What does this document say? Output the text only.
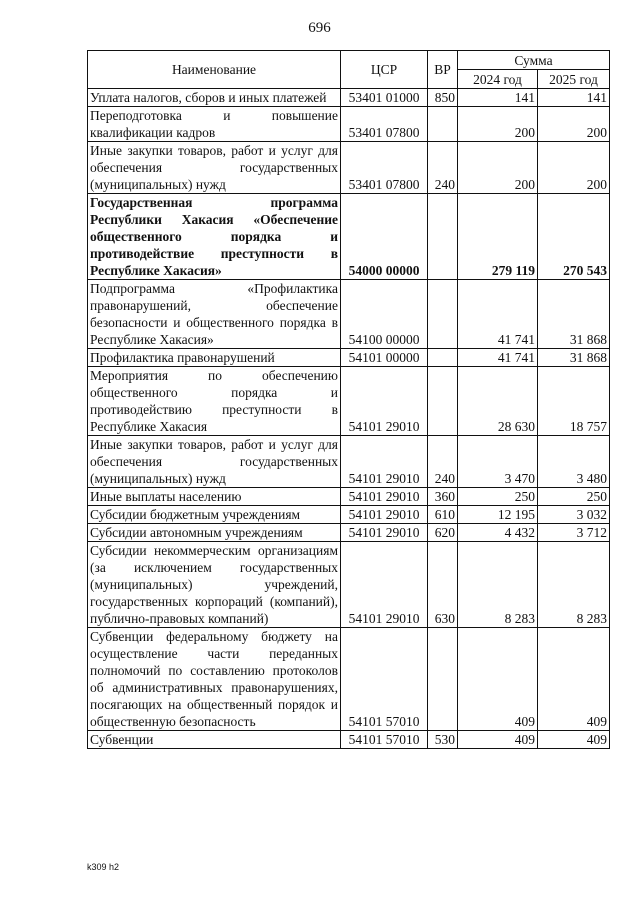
696
Наименование	ЦСР	ВР	Сумма	
			2024 год	2025 год
Уплата налогов, сборов и иных платежей	53401 01000	850	141	141
Переподготовка и повышение квалификации кадров	53401 07800		200	200
Иные закупки товаров, работ и услуг для обеспечения государственных (муниципальных) нужд	53401 07800	240	200	200
Государственная программа Республики Хакасия «Обеспечение общественного порядка и противодействие преступности в Республике Хакасия»	54000 00000		279 119	270 543
Подпрограмма «Профилактика правонарушений, обеспечение безопасности и общественного порядка в Республике Хакасия»	54100 00000		41 741	31 868
Профилактика правонарушений	54101 00000		41 741	31 868
Мероприятия по обеспечению общественного порядка и противодействию преступности в Республике Хакасия	54101 29010		28 630	18 757
Иные закупки товаров, работ и услуг для обеспечения государственных (муниципальных) нужд	54101 29010	240	3 470	3 480
Иные выплаты населению	54101 29010	360	250	250
Субсидии бюджетным учреждениям	54101 29010	610	12 195	3 032
Субсидии автономным учреждениям	54101 29010	620	4 432	3 712
Субсидии некоммерческим организациям (за исключением государственных (муниципальных) учреждений, государственных корпораций (компаний), публично-правовых компаний)	54101 29010	630	8 283	8 283
Субвенции федеральному бюджету на осуществление части переданных полномочий по составлению протоколов об административных правонарушениях, посягающих на общественный порядок и общественную безопасность	54101 57010		409	409
Субвенции	54101 57010	530	409	409
k309 h2
